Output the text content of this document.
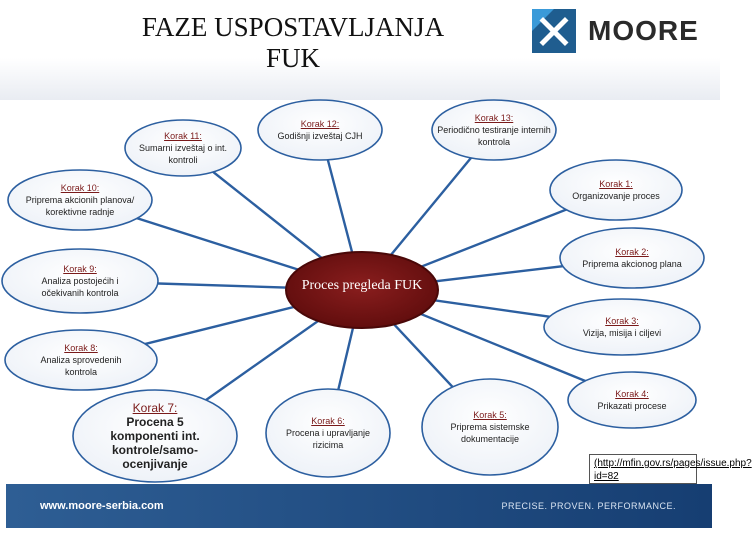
FAZE USPOSTAVLJANJA FUK
MOORE
Proces pregleda FUK
Korak 12:
Godišnji izveštaj CJH
Korak 13:
Periodično testiranje internih kontrola
Korak 11:
Sumarni izveštaj o int. kontroli
Korak 1:
Organizovanje proces
Korak 10:
Priprema akcionih planova/ korektivne radnje
Korak 2:
Priprema akcionog plana
Korak 9:
Analiza postojećih i očekivanih kontrola
Korak 3:
Vizija, misija i ciljevi
Korak 8:
Analiza sprovedenih kontrola
Korak 4:
Prikazati procese
Korak 7:
Procena 5 komponenti int. kontrole/samo-ocenjivanje
Korak 6:
Procena i upravljanje rizicima
Korak 5:
Priprema sistemske dokumentacije
(http://mfin.gov.rs/pages/issue.php?id=82
www.moore-serbia.com	PRECISE. PROVEN. PERFORMANCE.
